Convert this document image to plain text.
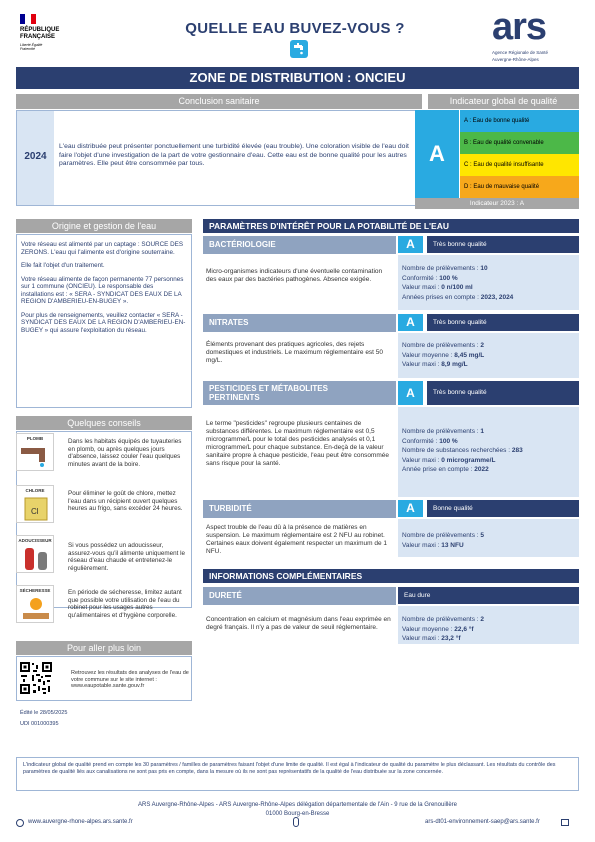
RÉPUBLIQUE
FRANÇAISE
Liberté Égalité Fraternité
QUELLE EAU BUVEZ-VOUS ?	ars
Agence Régionale de Santé
Auvergne-Rhône-Alpes
ZONE DE DISTRIBUTION : ONCIEU
Conclusion sanitaire
2024
L'eau distribuée peut présenter ponctuellement une turbidité élevée (eau trouble). Une coloration visible de l'eau doit faire l'objet d'une investigation de la part de votre gestionnaire d'eau. Cette eau est de bonne qualité pour les autres paramètres. Elle peut être consommée par tous.
Indicateur global de qualité
A
A : Eau de bonne qualité
B : Eau de qualité convenable
C : Eau de qualité insuffisante
D : Eau de mauvaise qualité
Indicateur 2023 : A
Origine et gestion de l'eau
Votre réseau est alimenté par un captage : SOURCE DES ZERONS. L'eau qui l'alimente est d'origine souterraine.
Elle fait l'objet d'un traitement.
Votre réseau alimente de façon permanente 77 personnes sur 1 commune (ONCIEU). Le responsable des installations est : « SERA - SYNDICAT DES EAUX DE LA REGION D'AMBERIEU-EN-BUGEY ».
Pour plus de renseignements, veuillez contacter « SERA - SYNDICAT DES EAUX DE LA REGION D'AMBERIEU-EN-BUGEY » qui assure l'exploitation du réseau.
Quelques conseils
PLOMB	Dans les habitats équipés de tuyauteries en plomb, ou après quelques jours d'absence, laissez couler l'eau quelques minutes avant de la boire.
CHLORE
Cl
Pour éliminer le goût de chlore, mettez l'eau dans un récipient ouvert quelques heures au frigo, sans excéder 24 heures.
ADOUCISSEUR
Si vous possédez un adoucisseur, assurez-vous qu'il alimente uniquement le réseau d'eau chaude et entretenez-le régulièrement.
SÉCHERESSE	En période de sécheresse, limitez autant que possible votre utilisation de l'eau du robinet pour les usages autres qu'alimentaires et d'hygiène corporelle.
Pour aller plus loin
Retrouvez les résultats des analyses de l'eau de votre commune sur le site internet : www.eaupotable.sante.gouv.fr
Édité le 28/05/2025
UDI 001000395
PARAMÈTRES D'INTÉRÊT POUR LA POTABILITÉ DE L'EAU
BACTÉRIOLOGIE	A	Très bonne qualité
Micro-organismes indicateurs d'une éventuelle contamination des eaux par des bactéries pathogènes. Absence exigée.
Nombre de prélèvements : 10
Conformité : 100 %
Valeur maxi : 0 n/100 ml
Années prises en compte : 2023, 2024
NITRATES	A	Très bonne qualité
Éléments provenant des pratiques agricoles, des rejets domestiques et industriels. Le maximum réglementaire est 50 mg/L.
Nombre de prélèvements : 2
Valeur moyenne : 8,45 mg/L
Valeur maxi : 8,9 mg/L
PESTICIDES ET MÉTABOLITES
PERTINENTS	A	Très bonne qualité
Le terme "pesticides" regroupe plusieurs centaines de substances différentes. Le maximum réglementaire est 0,5 microgramme/L pour le total des pesticides analysés et 0,1 microgramme/L pour chaque substance. En-deçà de la valeur sanitaire propre à chaque pesticide, l'eau peut être consommée sans risque pour la santé.
Nombre de prélèvements : 1
Conformité : 100 %
Nombre de substances recherchées : 283
Valeur maxi : 0 microgramme/L
Année prise en compte : 2022
TURBIDITÉ	A	Bonne qualité
Aspect trouble de l'eau dû à la présence de matières en suspension. Le maximum réglementaire est 2 NFU au robinet. Certaines eaux doivent également respecter un maximum de 1 NFU.
Nombre de prélèvements : 5
Valeur maxi : 13 NFU
INFORMATIONS COMPLÉMENTAIRES
DURETÉ	Eau dure
Concentration en calcium et magnésium dans l'eau exprimée en degré français. Il n'y a pas de valeur de seuil réglementaire.
Nombre de prélèvements : 2
Valeur moyenne : 22,6 °f
Valeur maxi : 23,2 °f
L'indicateur global de qualité prend en compte les 30 paramètres / familles de paramètres faisant l'objet d'une limite de qualité. Il est égal à l'indicateur de qualité du paramètre le plus déclassant. Les résultats du contrôle des paramètres de qualité liés aux canalisations ne sont pas pris en compte, dans la mesure où ils ne sont pas représentatifs de la qualité de l'eau distribuée sur la zone concernée.
ARS Auvergne-Rhône-Alpes - ARS Auvergne-Rhône-Alpes délégation départementale de l'Ain - 9 rue de la Grenouillère
01000 Bourg-en-Bresse
www.auvergne-rhone-alpes.ars.sante.fr	ars-dt01-environnement-saep@ars.sante.fr
